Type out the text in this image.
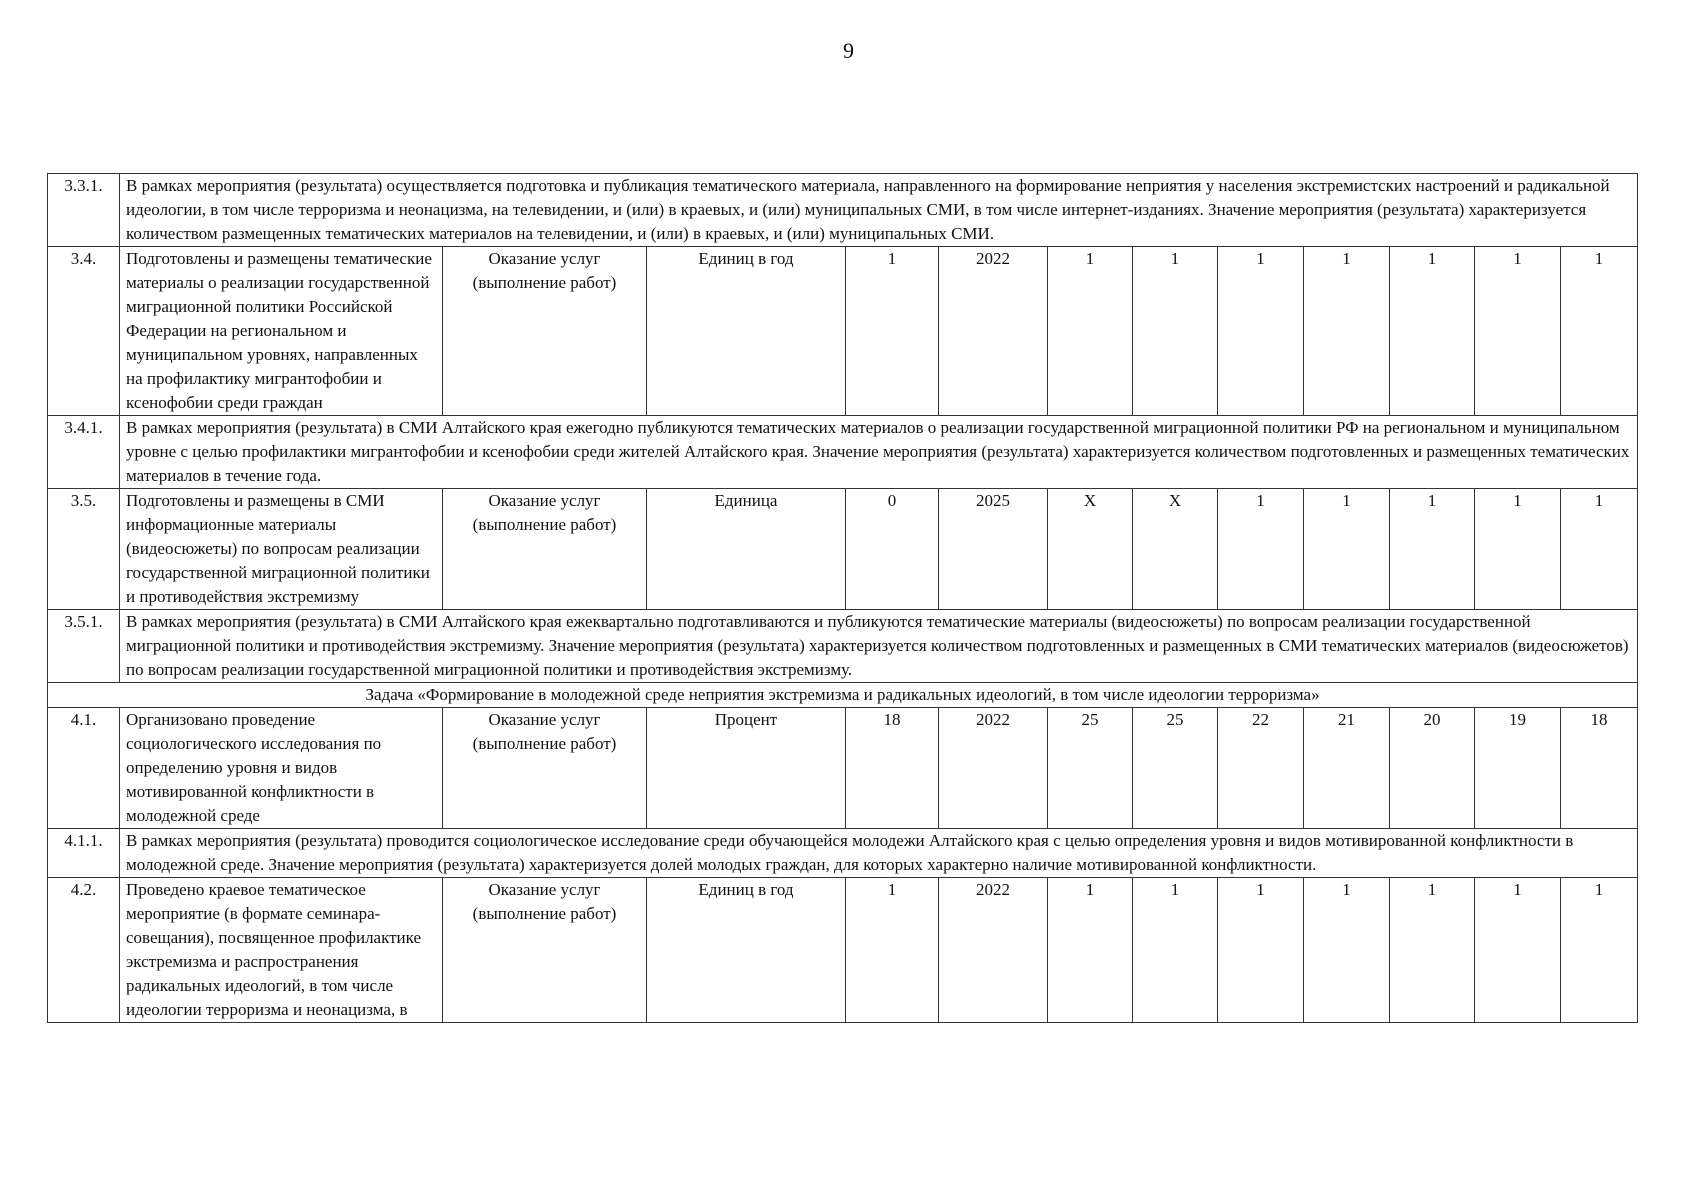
9
3.3.1.	В рамках мероприятия (результата) осуществляется подготовка и публикация тематического материала, направленного на формирование неприятия у населения экстремистских настроений и радикальной идеологии, в том числе терроризма и неонацизма, на телевидении, и (или) в краевых, и (или) муниципальных СМИ, в том числе интернет-изданиях. Значение мероприятия (результата) характеризуется количеством размещенных тематических материалов на телевидении, и (или) в краевых, и (или) муниципальных СМИ.											
3.4.	Подготовлены и размещены тематические материалы о реализации государственной миграционной политики Российской Федерации на региональном и муниципальном уровнях, направленных на профилактику мигрантофобии и ксенофобии среди граждан	Оказание услуг (выполнение работ)	Единиц в год	1	2022	1	1	1	1	1	1	1
3.4.1.	В рамках мероприятия (результата) в СМИ Алтайского края ежегодно публикуются тематических материалов о реализации государственной миграционной политики РФ на региональном и муниципальном уровне с целью профилактики мигрантофобии и ксенофобии среди жителей Алтайского края. Значение мероприятия (результата) характеризуется количеством подготовленных и размещенных тематических материалов в течение года.											
3.5.	Подготовлены и размещены в СМИ информационные материалы (видеосюжеты) по вопросам реализации государственной миграционной политики и противодействия экстремизму	Оказание услуг (выполнение работ)	Единица	0	2025	Х	Х	1	1	1	1	1
3.5.1.	В рамках мероприятия (результата) в СМИ Алтайского края ежеквартально подготавливаются и публикуются тематические материалы (видеосюжеты) по вопросам реализации государственной миграционной политики и противодействия экстремизму. Значение мероприятия (результата) характеризуется количеством подготовленных и размещенных в СМИ тематических материалов (видеосюжетов) по вопросам реализации государственной миграционной политики и противодействия экстремизму.											
Задача «Формирование в молодежной среде неприятия экстремизма и радикальных идеологий, в том числе идеологии терроризма»												
4.1.	Организовано проведение социологического исследования по определению уровня и видов мотивированной конфликтности в молодежной среде	Оказание услуг (выполнение работ)	Процент	18	2022	25	25	22	21	20	19	18
4.1.1.	В рамках мероприятия (результата) проводится социологическое исследование среди обучающейся молодежи Алтайского края с целью определения уровня и видов мотивированной конфликтности в молодежной среде. Значение мероприятия (результата) характеризуется долей молодых граждан, для которых характерно наличие мотивированной конфликтности.											
4.2.	Проведено краевое тематическое мероприятие (в формате семинара-совещания), посвященное профилактике экстремизма и распространения радикальных идеологий, в том числе идеологии терроризма и неонацизма, в	Оказание услуг (выполнение работ)	Единиц в год	1	2022	1	1	1	1	1	1	1
